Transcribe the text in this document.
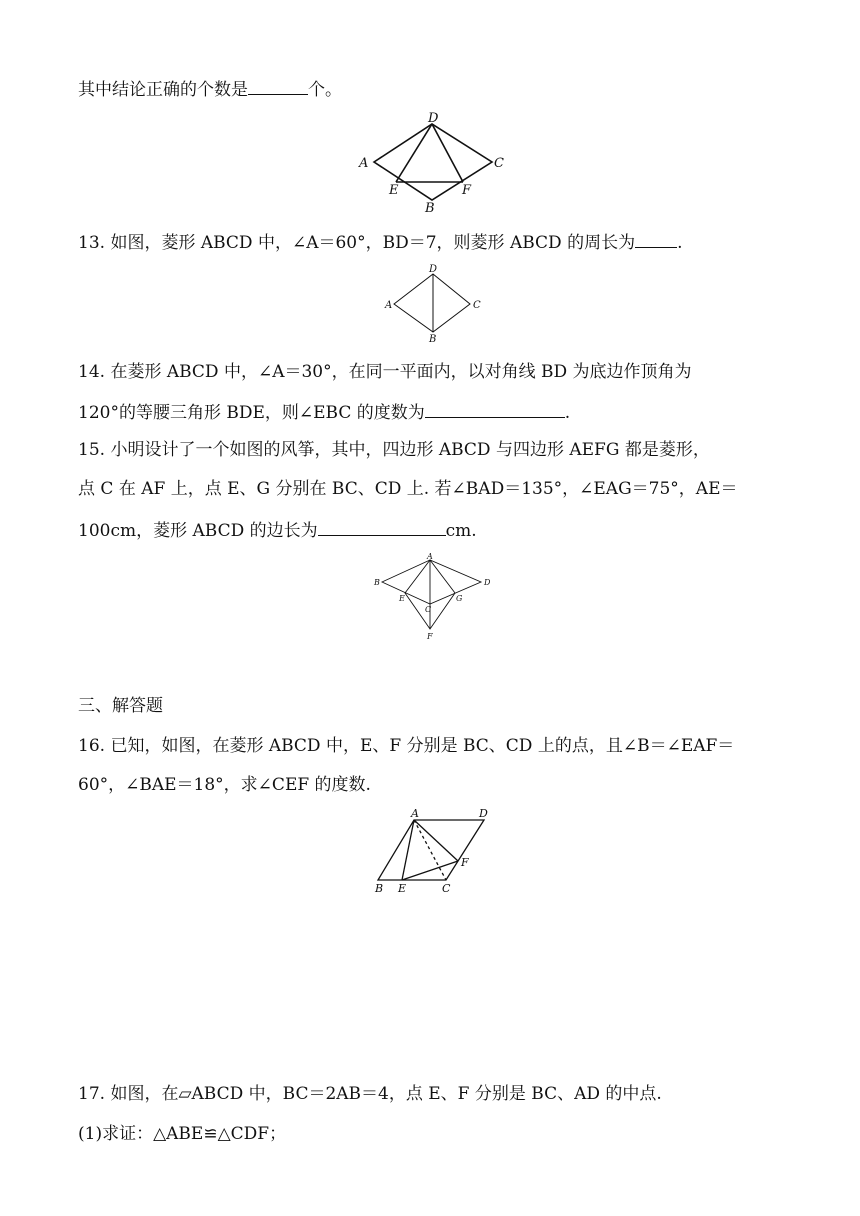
其中结论正确的个数是	个。
A
D
C
E	F
B
13. 如图，菱形 ABCD 中，∠A＝60°，BD＝7，则菱形 ABCD 的周长为 .
A
D
C
B
14. 在菱形 ABCD 中，∠A＝30°，在同一平面内，以对角线 BD 为底边作顶角为
120°的等腰三角形 BDE，则∠EBC 的度数为	.
15. 小明设计了一个如图的风筝，其中，四边形 ABCD 与四边形 AEFG 都是菱形，
点 C 在 AF 上，点 E、G 分别在 BC、CD 上. 若∠BAD＝135°，∠EAG＝75°，AE＝
100cm，菱形 ABCD 的边长为	cm.
A
B	D
E	G
C
F
三、解答题
16. 已知，如图，在菱形 ABCD 中，E、F 分别是 BC、CD 上的点，且∠B＝∠EAF＝
60°，∠BAE＝18°，求∠CEF 的度数.
A	D
F
B E	C
17. 如图，在▱ABCD 中，BC＝2AB＝4，点 E、F 分别是 BC、AD 的中点.
(1)求证：△ABE≌△CDF；
